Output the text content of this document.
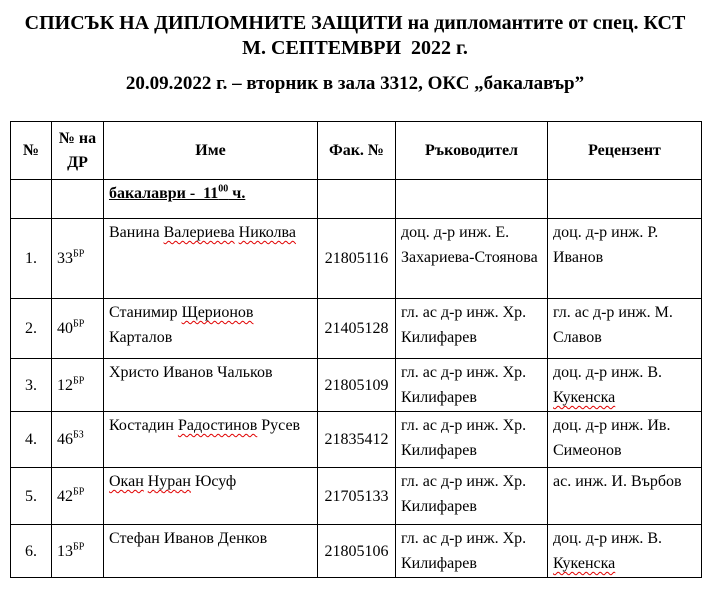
СПИСЪК НА ДИПЛОМНИТЕ ЗАЩИТИ на дипломантите от спец. КСТ
М. СЕПТЕМВРИ  2022 г.
20.09.2022 г. – вторник в зала 3312, ОКС „бакалавър”
№	№ на ДР	Име	Фак. №	Ръководител	Рецензент
		бакалаври -  $11^{00}$ ч.			
1.	$33^{БР}$	Ванина Валериева Николва	21805116	доц. д-р инж. Е. Захариева-Стоянова	доц. д-р инж. Р. Иванов
2.	$40^{БР}$	Станимир Щерионов Карталов	21405128	гл. ас д-р инж. Хр. Килифарев	гл. ас д-р инж. М. Славов
3.	$12^{БР}$	Христо Иванов Чальков	21805109	гл. ас д-р инж. Хр. Килифарев	доц. д-р инж. В. Кукенска
4.	$46^{БЗ}$	Костадин Радостинов Русев	21835412	гл. ас д-р инж. Хр. Килифарев	доц. д-р инж. Ив. Симеонов
5.	$42^{БР}$	Окан Нуран Юсуф	21705133	гл. ас д-р инж. Хр. Килифарев	ас. инж. И. Върбов
6.	$13^{БР}$	Стефан Иванов Денков	21805106	гл. ас д-р инж. Хр. Килифарев	доц. д-р инж. В. Кукенска
